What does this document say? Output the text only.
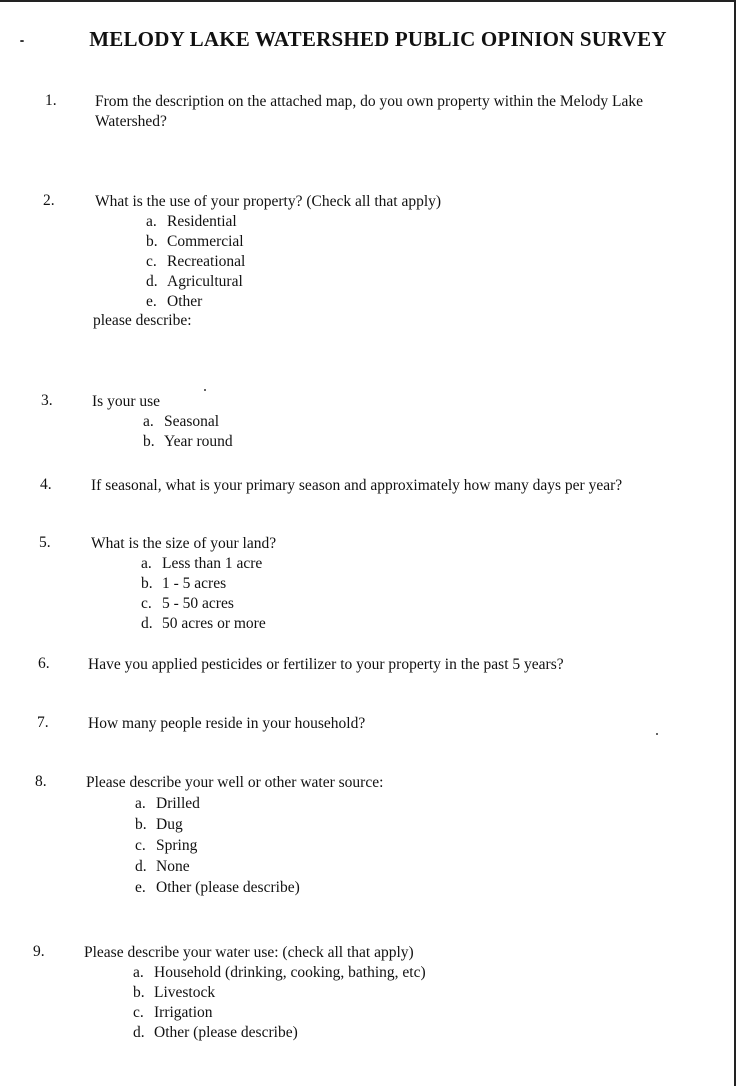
MELODY LAKE WATERSHED PUBLIC OPINION SURVEY
1. From the description on the attached map, do you own property within the Melody Lake Watershed?
2.	What is the use of your property? (Check all that apply)
a. Residential
b. Commercial
c. Recreational
d. Agricultural
e. Other
please describe:
3.	Is your use
a. Seasonal
b. Year round
4.	If seasonal, what is your primary season and approximately how many days per year?
5.	What is the size of your land?
a. Less than 1 acre
b. 1 - 5 acres
c. 5 - 50 acres
d. 50 acres or more
6. Have you applied pesticides or fertilizer to your property in the past 5 years?
7.	How many people reside in your household?
8.	Please describe your well or other water source:
a. Drilled
b. Dug
c. Spring
d. None
e. Other (please describe)
9.	Please describe your water use: (check all that apply)
a. Household (drinking, cooking, bathing, etc)
b. Livestock
c. Irrigation
d. Other (please describe)
